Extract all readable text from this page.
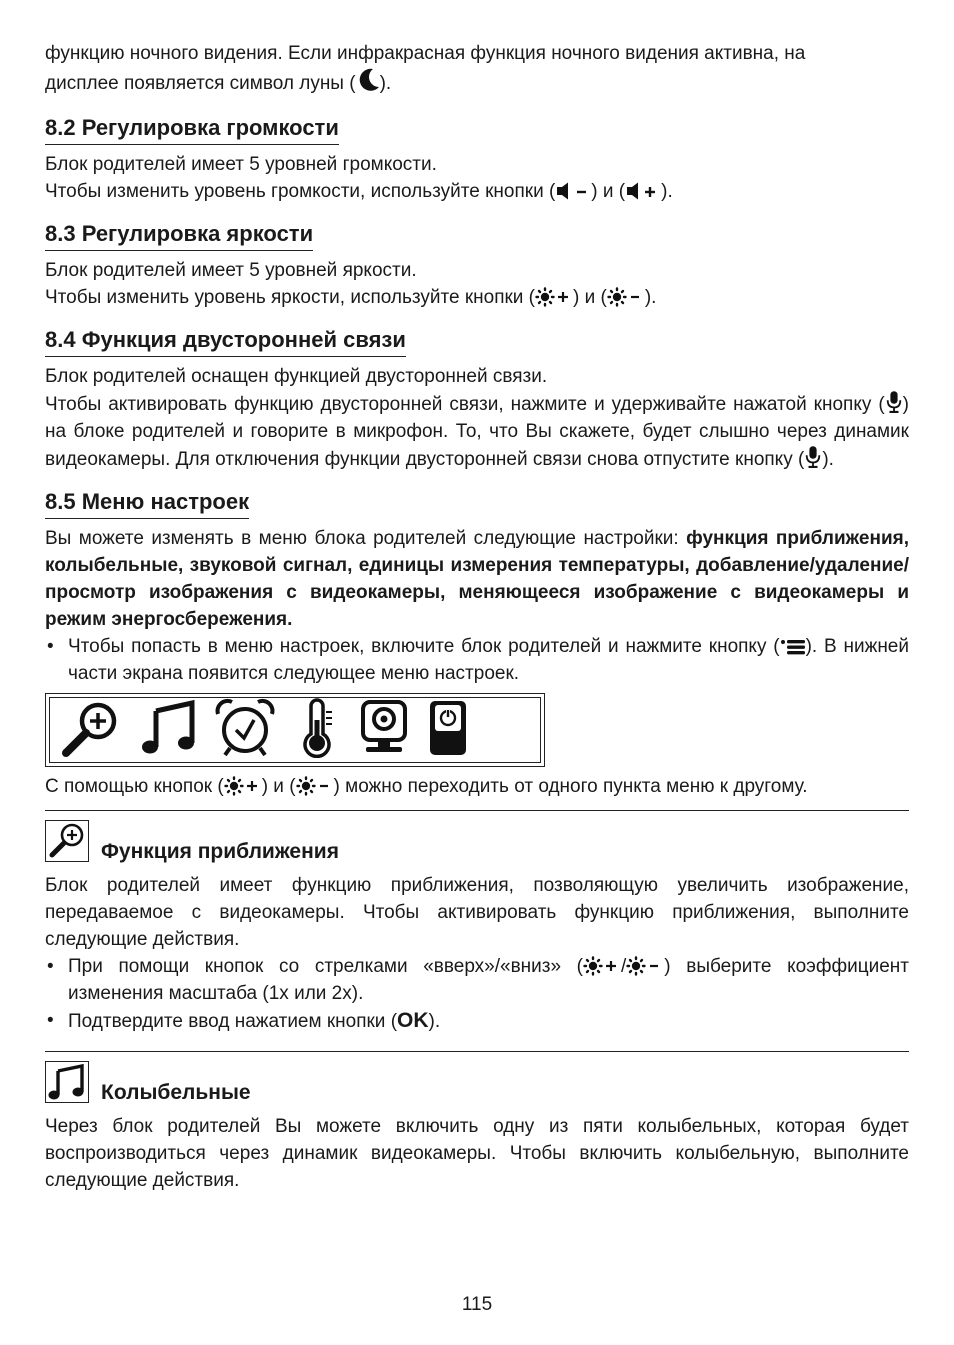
функцию ночного видения. Если инфракрасная функция ночного видения активна, на
дисплее появляется символ луны ( ).

8.2 Регулировка громкости

Блок родителей имеет 5 уровней громкости.

Чтобы изменить уровень громкости, используйте кнопки ( ) и ( ).

8.3 Регулировка яркости

Блок родителей имеет 5 уровней яркости.

Чтобы изменить уровень яркости, используйте кнопки ( ) и ( ).

8.4 Функция двусторонней связи

Блок родителей оснащен функцией двусторонней связи.

Чтобы активировать функцию двусторонней связи, нажмите и удерживайте нажатой кнопку ( ) на блоке родителей и говорите в микрофон. То, что Вы скажете, будет слышно через динамик видеокамеры. Для отключения функции двусторонней связи снова отпустите кнопку ( ).

8.5 Меню настроек

Вы можете изменять в меню блока родителей следующие настройки: функция приближения, колыбельные, звуковой сигнал, единицы измерения температуры, добавление/удаление/просмотр изображения с видеокамеры, меняющееся изображение с видеокамеры и режим энергосбережения.

• Чтобы попасть в меню настроек, включите блок родителей и нажмите кнопку ( ). В нижней части экрана появится следующее меню настроек.

С помощью кнопок ( ) и ( ) можно переходить от одного пункта меню к другому.

Функция приближения

Блок родителей имеет функцию приближения, позволяющую увеличить изображение, передаваемое с видеокамеры. Чтобы активировать функцию приближения, выполните следующие действия.

• При помощи кнопок со стрелками «вверх»/«вниз» ( / ) выберите коэффициент изменения масштаба (1x или 2x).
• Подтвердите ввод нажатием кнопки (OK).
Колыбельные

Через блок родителей Вы можете включить одну из пяти колыбельных, которая будет воспроизводиться через динамик видеокамеры. Чтобы включить колыбельную, выполните следующие действия.

115
